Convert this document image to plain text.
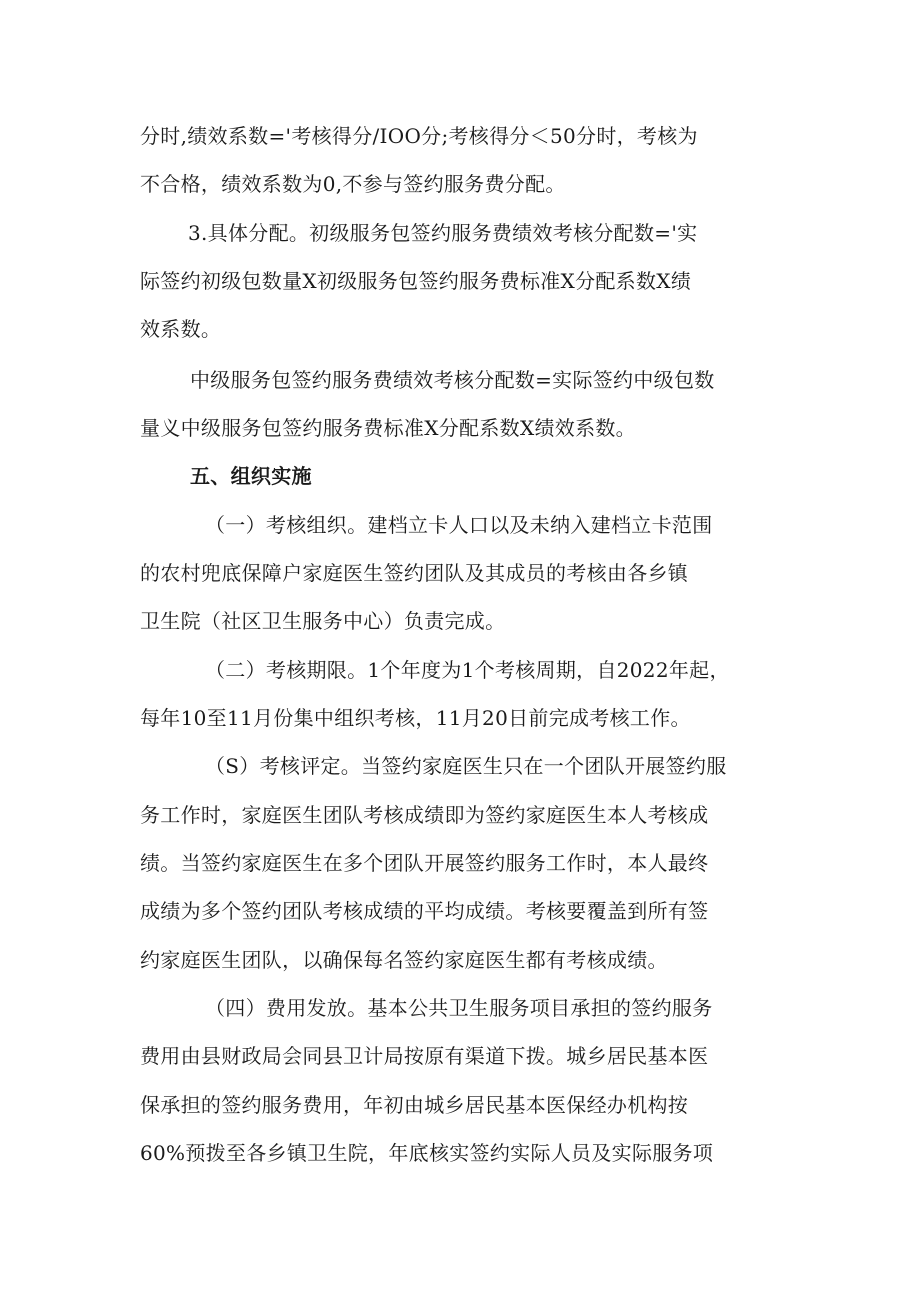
分时,绩效系数='考核得分/IOO分;考核得分＜50分时，考核为
不合格，绩效系数为0,不参与签约服务费分配。
3.具体分配。初级服务包签约服务费绩效考核分配数='实
际签约初级包数量X初级服务包签约服务费标准X分配系数X绩
效系数。
中级服务包签约服务费绩效考核分配数=实际签约中级包数
量义中级服务包签约服务费标准X分配系数X绩效系数。
五、组织实施
（一）考核组织。建档立卡人口以及未纳入建档立卡范围
的农村兜底保障户家庭医生签约团队及其成员的考核由各乡镇
卫生院（社区卫生服务中心）负责完成。
（二）考核期限。1个年度为1个考核周期，自2022年起，
每年10至11月份集中组织考核，11月20日前完成考核工作。
（S）考核评定。当签约家庭医生只在一个团队开展签约服
务工作时，家庭医生团队考核成绩即为签约家庭医生本人考核成
绩。当签约家庭医生在多个团队开展签约服务工作时，本人最终
成绩为多个签约团队考核成绩的平均成绩。考核要覆盖到所有签
约家庭医生团队，以确保每名签约家庭医生都有考核成绩。
（四）费用发放。基本公共卫生服务项目承担的签约服务
费用由县财政局会同县卫计局按原有渠道下拨。城乡居民基本医
保承担的签约服务费用，年初由城乡居民基本医保经办机构按
60%预拨至各乡镇卫生院，年底核实签约实际人员及实际服务项
